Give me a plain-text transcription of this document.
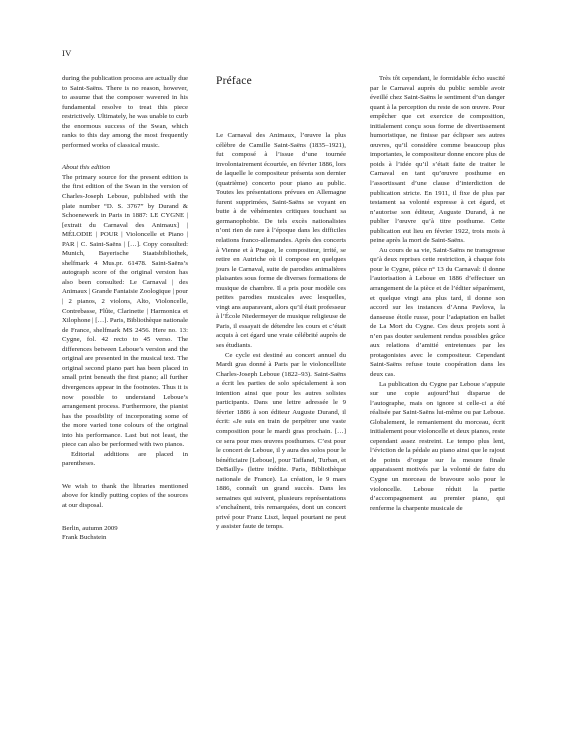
IV

during the publication process are actually due to Saint-Saëns. There is no reason, however, to assume that the composer wavered in his fundamental resolve to treat this piece restrictively. Ultimately, he was unable to curb the enormous success of the Swan, which ranks to this day among the most frequently performed works of classical music.

About this edition

The primary source for the present edition is the first edition of the Swan in the version of Charles-Joseph Leboue, published with the plate number “D. S. 3767” by Durand & Schoenewerk in Paris in 1887: LE CYGNE | [extrait du Carnaval des Animaux] | MÉLODIE | POUR | Violoncelle et Piano | PAR | C. Saint-Saëns | […]. Copy consulted: Munich, Bayerische Staatsbibliothek, shelfmark 4 Mus.pr. 61478. Saint-Saëns’s autograph score of the original version has also been consulted: Le Carnaval | des Animaux | Grande Fantaisie Zoologique | pour | 2 pianos, 2 violons, Alto, Violoncelle, Contrebasse, Flûte, Clarinette | Harmonica et Xilophone | […]. Paris, Bibliothèque nationale de France, shelfmark MS 2456. Here no. 13: Cygne, fol. 42 recto to 45 verso. The differences between Leboue’s version and the original are presented in the musical text. The original second piano part has been placed in small print beneath the first piano; all further divergences appear in the footnotes. Thus it is now possible to understand Leboue’s arrangement process. Furthermore, the pianist has the possibility of incorporating some of the more varied tone colours of the original into his performance. Last but not least, the piece can also be performed with two pianos.

Editorial additions are placed in parentheses.

We wish to thank the libraries mentioned above for kindly putting copies of the sources at our disposal.

Berlin, autumn 2009

Frank Buchstein

Préface

Le Carnaval des Animaux, l’œuvre la plus célèbre de Camille Saint-Saëns (1835–1921), fut composé à l’issue d’une tournée involontairement écourtée, en février 1886, lors de laquelle le compositeur présenta son dernier (quatrième) concerto pour piano au public. Toutes les présentations prévues en Allemagne furent supprimées, Saint-Saëns se voyant en butte à de véhémentes critiques touchant sa germanophobie. De tels excès nationalistes n’ont rien de rare à l’époque dans les difficiles relations franco-allemandes. Après des concerts à Vienne et à Prague, le compositeur, irrité, se retire en Autriche où il compose en quelques jours le Carnaval, suite de parodies animalières plaisantes sous forme de diverses formations de musique de chambre. Il a pris pour modèle ces petites parodies musicales avec lesquelles, vingt ans auparavant, alors qu’il était professeur à l’École Niedermeyer de musique religieuse de Paris, il essayait de détendre les cours et c’était acquis à cet égard une vraie célébrité auprès de ses étudiants.

Ce cycle est destiné au concert annuel du Mardi gras donné à Paris par le violoncelliste Charles-Joseph Leboue (1822–93). Saint-Saëns a écrit les parties de solo spécialement à son intention ainsi que pour les autres solistes participants. Dans une lettre adressée le 9 février 1886 à son éditeur Auguste Durand, il écrit: «Je suis en train de perpétrer une vaste composition pour le mardi gras prochain. […] ce sera pour mes œuvres posthumes. C’est pour le concert de Leboue, il y aura des solos pour le bénéficiaire [Leboue], pour Taffanel, Turban, et DeBailly» (lettre inédite. Paris, Bibliothèque nationale de France). La création, le 9 mars 1886, connaît un grand succès. Dans les semaines qui suivent, plusieurs représentations s’enchaînent, très remarquées, dont un concert privé pour Franz Liszt, lequel pourtant ne peut y assister faute de temps.

Très tôt cependant, le formidable écho suscité par le Carnaval auprès du public semble avoir éveillé chez Saint-Saëns le sentiment d’un danger quant à la perception du reste de son œuvre. Pour empêcher que cet exercice de composition, initialement conçu sous forme de divertissement humoristique, ne finisse par éclipser ses autres œuvres, qu’il considère comme beaucoup plus importantes, le compositeur donne encore plus de poids à l’idée qu’il s’était faite de traiter le Carnaval en tant qu’œuvre posthume en l’assortissant d’une clause d’interdiction de publication stricte. En 1911, il fixe de plus par testament sa volonté expresse à cet égard, et n’autorise son éditeur, Auguste Durand, à ne publier l’œuvre qu’à titre posthume. Cette publication eut lieu en février 1922, trois mois à peine après la mort de Saint-Saëns.

Au cours de sa vie, Saint-Saëns ne transgresse qu’à deux reprises cette restriction, à chaque fois pour le Cygne, pièce n° 13 du Carnaval: il donne l’autorisation à Leboue en 1886 d’effectuer un arrangement de la pièce et de l’éditer séparément, et quelque vingt ans plus tard, il donne son accord sur les instances d’Anna Pavlova, la danseuse étoile russe, pour l’adaptation en ballet de La Mort du Cygne. Ces deux projets sont à n’en pas douter seulement rendus possibles grâce aux relations d’amitié entretenues par les protagonistes avec le compositeur. Cependant Saint-Saëns refuse toute coopération dans les deux cas.

La publication du Cygne par Leboue s’appuie sur une copie aujourd’hui disparue de l’autographe, mais on ignore si celle-ci a été réalisée par Saint-Saëns lui-même ou par Leboue. Globalement, le remaniement du morceau, écrit initialement pour violoncelle et deux pianos, reste cependant assez restreint. Le tempo plus lent, l’éviction de la pédale au piano ainsi que le rajout de points d’orgue sur la mesure finale apparaissent motivés par la volonté de faire du Cygne un morceau de bravoure solo pour le violoncelle. Leboue réduit la partie d’accompagnement au premier piano, qui renferme la charpente musicale de
